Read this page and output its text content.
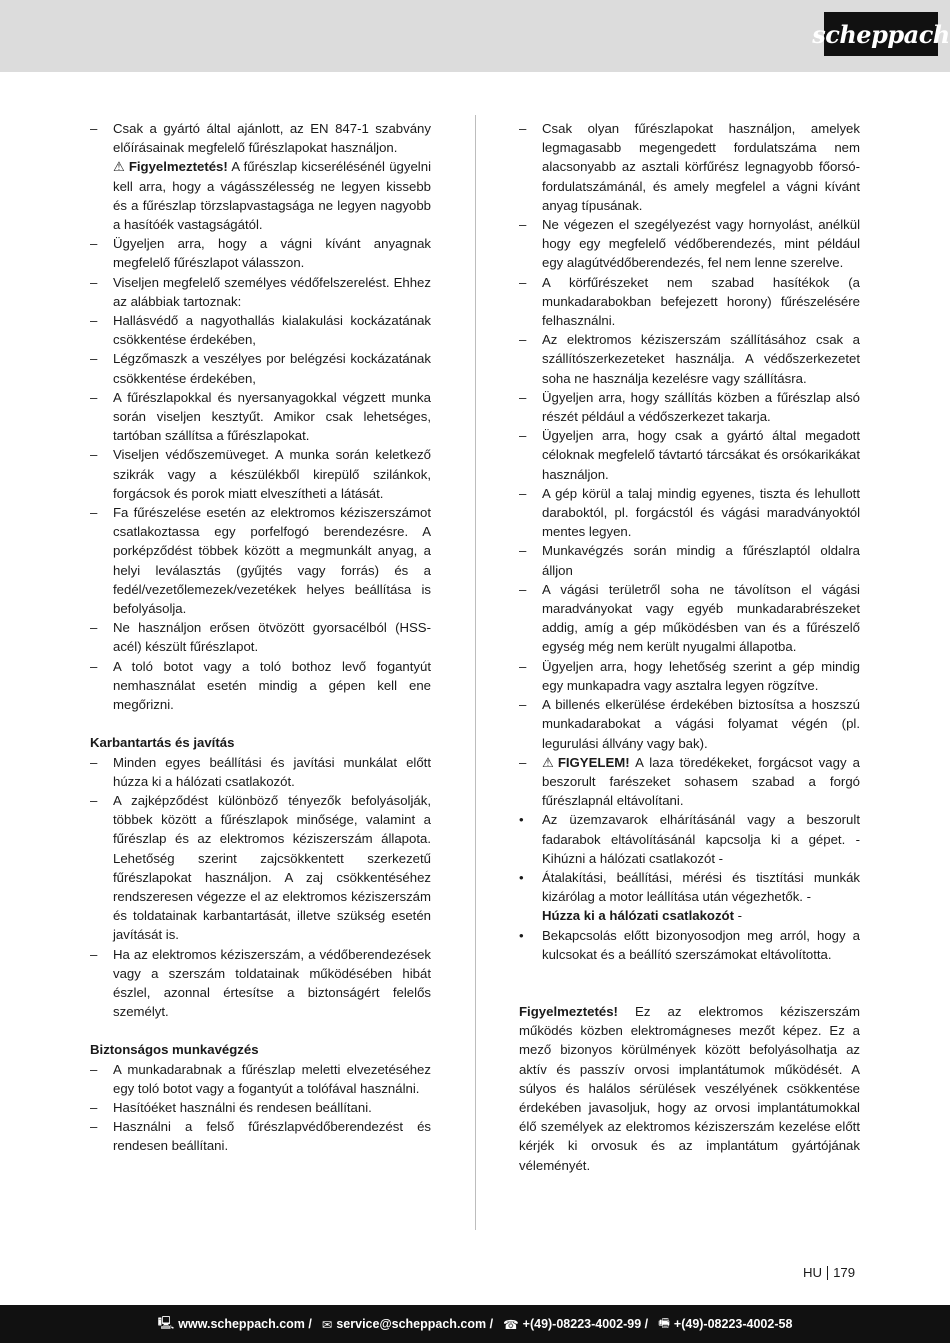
scheppach
– Csak a gyártó által ajánlott, az EN 847-1 szabvány előírásainak megfelelő fűrészlapokat használjon.
⚠ Figyelmeztetés! A fűrészlap kicserélésénél ügyelni kell arra, hogy a vágásszélesség ne legyen kissebb és a fűrészlap törzslapvastagsága ne legyen nagyobb a hasítóék vastagságától.
– Ügyeljen arra, hogy a vágni kívánt anyagnak megfelelő fűrészlapot válasszon.
– Viseljen megfelelő személyes védőfelszerelést. Ehhez az alábbiak tartoznak:
– Hallásvédő a nagyothallás kialakulási kockázatának csökkentése érdekében,
– Légzőmaszk a veszélyes por belégzési kockázatának csökkentése érdekében,
– A fűrészlapokkal és nyersanyagokkal végzett munka során viseljen kesztyűt. Amikor csak lehetséges, tartóban szállítsa a fűrészlapokat.
– Viseljen védőszemüveget. A munka során keletkező szikrák vagy a készülékből kirepülő szilánkok, forgácsok és porok miatt elveszítheti a látását.
– Fa fűrészelése esetén az elektromos kéziszerszámot csatlakoztassa egy porfelfogó berendezésre. A porképződést többek között a megmunkált anyag, a helyi leválasztás (gyűjtés vagy forrás) és a fedél/vezetőlemezek/vezetékek helyes beállítása is befolyásolja.
– Ne használjon erősen ötvözött gyorsacélból (HSS-acél) készült fűrészlapot.
– A toló botot vagy a toló bothoz levő fogantyút nemhasználat esetén mindig a gépen kell ene megőrizni.
Karbantartás és javítás
– Minden egyes beállítási és javítási munkálat előtt húzza ki a hálózati csatlakozót.
– A zajképződést különböző tényezők befolyásolják, többek között a fűrészlapok minősége, valamint a fűrészlap és az elektromos kéziszerszám állapota. Lehetőség szerint zajcsökkentett szerkezetű fűrészlapokat használjon. A zaj csökkentéséhez rendszeresen végezze el az elektromos kéziszerszám és toldatainak karbantartását, illetve szükség esetén javítását is.
– Ha az elektromos kéziszerszám, a védőberendezések vagy a szerszám toldatainak működésében hibát észlel, azonnal értesítse a biztonságért felelős személyt.
Biztonságos munkavégzés
– A munkadarabnak a fűrészlap meletti elvezetéséhez egy toló botot vagy a fogantyút a tolófával használni.
– Hasítóéket használni és rendesen beállítani.
– Használni a felső fűrészlapvédőberendezést és rendesen beállítani.
– Csak olyan fűrészlapokat használjon, amelyek legmagasabb megengedett fordulatszáma nem alacsonyabb az asztali körfűrész legnagyobb főorsó-fordulatszámánál, és amely megfelel a vágni kívánt anyag típusának.
– Ne végezen el szegélyezést vagy hornyolást, anélkül hogy egy megfelelő védőberendezés, mint például egy alagútvédőberendezés, fel nem lenne szerelve.
– A körfűrészeket nem szabad hasítékok (a munkadarabokban befejezett horony) fűrészelésére felhasználni.
– Az elektromos kéziszerszám szállításához csak a szállítószerkezeteket használja. A védőszerkezetet soha ne használja kezelésre vagy szállításra.
– Ügyeljen arra, hogy szállítás közben a fűrészlap alsó részét például a védőszerkezet takarja.
– Ügyeljen arra, hogy csak a gyártó által megadott céloknak megfelelő távtartó tárcsákat és orsókarikákat használjon.
– A gép körül a talaj mindig egyenes, tiszta és lehullott daraboktól, pl. forgácstól és vágási maradványoktól mentes legyen.
– Munkavégzés során mindig a fűrészlaptól oldalra álljon
– A vágási területről soha ne távolítson el vágási maradványokat vagy egyéb munkadarabrészeket addig, amíg a gép működésben van és a fűrészelő egység még nem került nyugalmi állapotba.
– Ügyeljen arra, hogy lehetőség szerint a gép mindig egy munkapadra vagy asztalra legyen rögzítve.
– A billenés elkerülése érdekében biztosítsa a hoszszú munkadarabokat a vágási folyamat végén (pl. legurulási állvány vagy bak).
– ⚠ FIGYELEM! A laza töredékeket, forgácsot vagy a beszorult farészeket sohasem szabad a forgó fűrészlapnál eltávolítani.
• Az üzemzavarok elhárításánál vagy a beszorult fadarabok eltávolításánál kapcsolja ki a gépet. - Kihúzni a hálózati csatlakozót -
• Átalakítási, beállítási, mérési és tisztítási munkák kizárólag a motor leállítása után végezhetők. -
Húzza ki a hálózati csatlakozót -
• Bekapcsolás előtt bizonyosodjon meg arról, hogy a kulcsokat és a beállító szerszámokat eltávolította.
Figyelmeztetés! Ez az elektromos kéziszerszám működés közben elektromágneses mezőt képez. Ez a mező bizonyos körülmények között befolyásolhatja az aktív és passzív orvosi implantátumok működését. A súlyos és halálos sérülések veszélyének csökkentése érdekében javasoljuk, hogy az orvosi implantátumokkal élő személyek az elektromos kéziszerszám kezelése előtt kérjék ki orvosuk és az implantátum gyártójának véleményét.
HU 179
🖳 www.scheppach.com / ✉ service@scheppach.com / ☎ +(49)-08223-4002-99 / 🖷 +(49)-08223-4002-58
